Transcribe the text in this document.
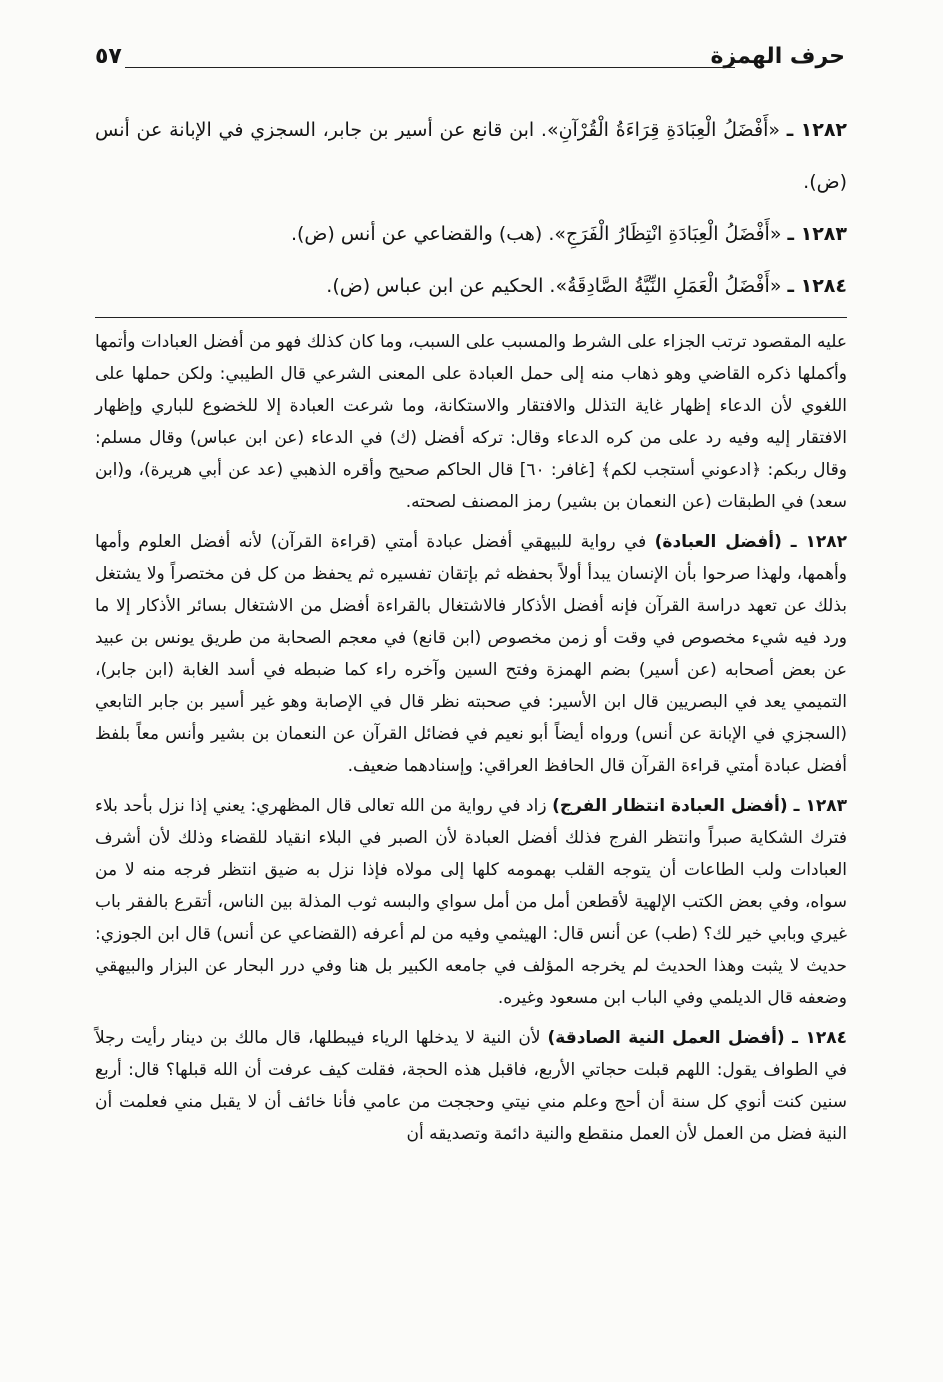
حرف الهمزة
٥٧

١٢٨٢ ـ «أَفْضَلُ الْعِبَادَةِ قِرَاءَةُ الْقُرْآنِ». ابن قانع عن أسير بن جابر، السجزي في الإبانة عن أنس (ض).

١٢٨٣ ـ «أَفْضَلُ الْعِبَادَةِ انْتِظَارُ الْفَرَجِ». (هب) والقضاعي عن أنس (ض).

١٢٨٤ ـ «أَفْضَلُ الْعَمَلِ النِّيَّةُ الصَّادِقَةُ». الحكيم عن ابن عباس (ض).

عليه المقصود ترتب الجزاء على الشرط والمسبب على السبب، وما كان كذلك فهو من أفضل العبادات وأتمها وأكملها ذكره القاضي وهو ذهاب منه إلى حمل العبادة على المعنى الشرعي قال الطيبي: ولكن حملها على اللغوي لأن الدعاء إظهار غاية التذلل والافتقار والاستكانة، وما شرعت العبادة إلا للخضوع للباري وإظهار الافتقار إليه وفيه رد على من كره الدعاء وقال: تركه أفضل (ك) في الدعاء (عن ابن عباس) وقال مسلم: وقال ربكم: ﴿ادعوني أستجب لكم﴾ [غافر: ٦٠] قال الحاكم صحيح وأقره الذهبي (عد عن أبي هريرة)، و(ابن سعد) في الطبقات (عن النعمان بن بشير) رمز المصنف لصحته.

١٢٨٢ ـ (أفضل العبادة) في رواية للبيهقي أفضل عبادة أمتي (قراءة القرآن) لأنه أفضل العلوم وأمها وأهمها، ولهذا صرحوا بأن الإنسان يبدأ أولاً بحفظه ثم بإتقان تفسيره ثم يحفظ من كل فن مختصراً ولا يشتغل بذلك عن تعهد دراسة القرآن فإنه أفضل الأذكار فالاشتغال بالقراءة أفضل من الاشتغال بسائر الأذكار إلا ما ورد فيه شيء مخصوص في وقت أو زمن مخصوص (ابن قانع) في معجم الصحابة من طريق يونس بن عبيد عن بعض أصحابه (عن أسير) بضم الهمزة وفتح السين وآخره راء كما ضبطه في أسد الغابة (ابن جابر)، التميمي يعد في البصريين قال ابن الأسير: في صحبته نظر قال في الإصابة وهو غير أسير بن جابر التابعي (السجزي في الإبانة عن أنس) ورواه أيضاً أبو نعيم في فضائل القرآن عن النعمان بن بشير وأنس معاً بلفظ أفضل عبادة أمتي قراءة القرآن قال الحافظ العراقي: وإسنادهما ضعيف.

١٢٨٣ ـ (أفضل العبادة انتظار الفرج) زاد في رواية من الله تعالى قال المظهري: يعني إذا نزل بأحد بلاء فترك الشكاية صبراً وانتظر الفرج فذلك أفضل العبادة لأن الصبر في البلاء انقياد للقضاء وذلك لأن أشرف العبادات ولب الطاعات أن يتوجه القلب بهمومه كلها إلى مولاه فإذا نزل به ضيق انتظر فرجه منه لا من سواه، وفي بعض الكتب الإلهية لأقطعن أمل من أمل سواي والبسه ثوب المذلة بين الناس، أتقرع بالفقر باب غيري وبابي خير لك؟ (طب) عن أنس قال: الهيثمي وفيه من لم أعرفه (القضاعي عن أنس) قال ابن الجوزي: حديث لا يثبت وهذا الحديث لم يخرجه المؤلف في جامعه الكبير بل هنا وفي درر البحار عن البزار والبيهقي وضعفه قال الديلمي وفي الباب ابن مسعود وغيره.

١٢٨٤ ـ (أفضل العمل النية الصادقة) لأن النية لا يدخلها الرياء فيبطلها، قال مالك بن دينار رأيت رجلاً في الطواف يقول: اللهم قبلت حجاتي الأربع، فاقبل هذه الحجة، فقلت كيف عرفت أن الله قبلها؟ قال: أربع سنين كنت أنوي كل سنة أن أحج وعلم مني نيتي وحججت من عامي فأنا خائف أن لا يقبل مني فعلمت أن النية فضل من العمل لأن العمل منقطع والنية دائمة وتصديقه أن
